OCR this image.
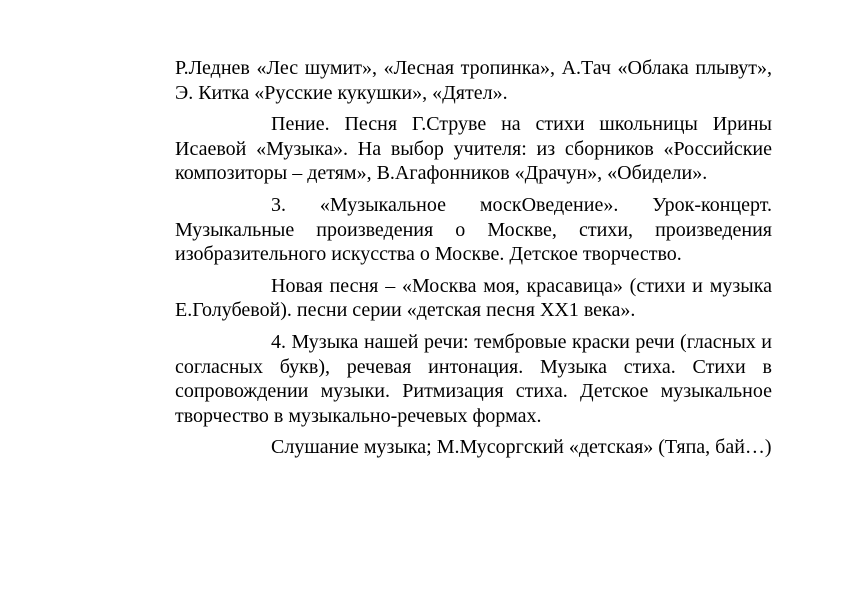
Р.Леднев «Лес шумит», «Лесная тропинка», А.Тач «Облака плывут», Э. Китка «Русские кукушки», «Дятел».

Пение. Песня Г.Струве на стихи школьницы Ирины Исаевой «Музыка». На выбор учителя: из сборников «Российские композиторы – детям», В.Агафонников «Драчун», «Обидели».

3. «Музыкальное москОведение». Урок-концерт. Музыкальные произведения о Москве, стихи, произведения изобразительного искусства о Москве. Детское творчество.

Новая песня – «Москва моя, красавица» (стихи и музыка Е.Голубевой). песни серии «детская песня XX1 века».

4. Музыка нашей речи: тембровые краски речи (гласных и согласных букв), речевая интонация. Музыка стиха. Стихи в сопровождении музыки. Ритмизация стиха. Детское музыкальное творчество в музыкально-речевых формах.

Слушание музыка; М.Мусоргский «детская» (Тяпа, бай…)
